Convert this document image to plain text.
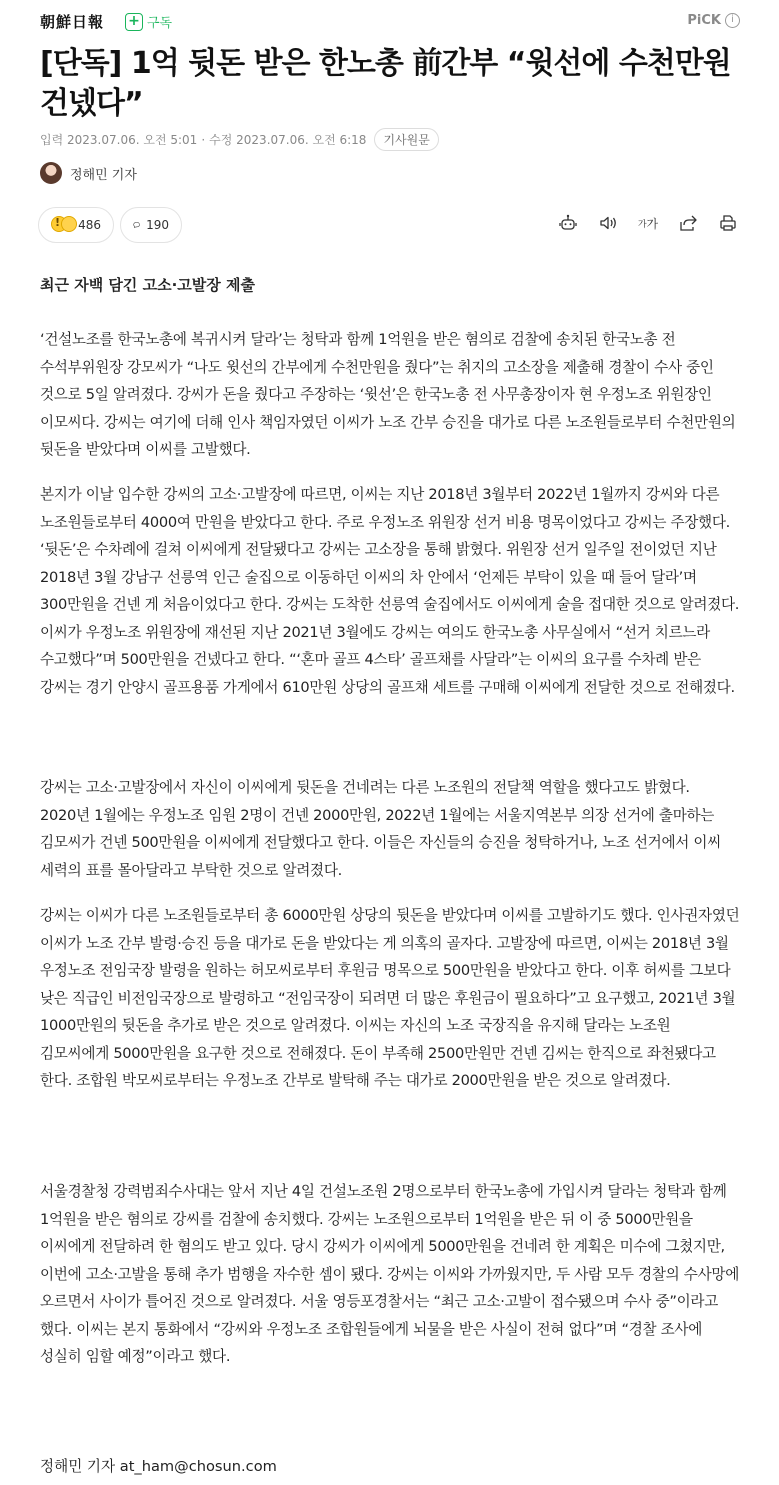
朝鮮日報 + 구독	PiCK	i
[단독] 1억 뒷돈 받은 한노총 前간부 “윗선에 수천만원 건넸다”
입력
2023.07.06. 오전 5:01 · 수정
2023.07.06. 오전 6:18	기사원문
정해민 기자
!	486	190	가 가
최근 자백 담긴 고소·고발장 제출

‘건설노조를 한국노총에 복귀시켜 달라’는 청탁과 함께 1억원을 받은 혐의로 검찰에 송치된 한국노총 전 수석부위원장 강모씨가 “나도 윗선의 간부에게 수천만원을 줬다”는 취지의 고소장을 제출해 경찰이 수사 중인 것으로 5일 알려졌다. 강씨가 돈을 줬다고 주장하는 ‘윗선’은 한국노총 전 사무총장이자 현 우정노조 위원장인 이모씨다. 강씨는 여기에 더해 인사 책임자였던 이씨가 노조 간부 승진을 대가로 다른 노조원들로부터 수천만원의 뒷돈을 받았다며 이씨를 고발했다.

본지가 이날 입수한 강씨의 고소·고발장에 따르면, 이씨는 지난 2018년 3월부터 2022년 1월까지 강씨와 다른 노조원들로부터 4000여 만원을 받았다고 한다. 주로 우정노조 위원장 선거 비용 명목이었다고 강씨는 주장했다. ‘뒷돈’은 수차례에 걸쳐 이씨에게 전달됐다고 강씨는 고소장을 통해 밝혔다. 위원장 선거 일주일 전이었던 지난 2018년 3월 강남구 선릉역 인근 술집으로 이동하던 이씨의 차 안에서 ‘언제든 부탁이 있을 때 들어 달라’며 300만원을 건넨 게 처음이었다고 한다. 강씨는 도착한 선릉역 술집에서도 이씨에게 술을 접대한 것으로 알려졌다. 이씨가 우정노조 위원장에 재선된 지난 2021년 3월에도 강씨는 여의도 한국노총 사무실에서 “선거 치르느라 수고했다”며 500만원을 건넸다고 한다. “‘혼마 골프 4스타’ 골프채를 사달라”는 이씨의 요구를 수차례 받은 강씨는 경기 안양시 골프용품 가게에서 610만원 상당의 골프채 세트를 구매해 이씨에게 전달한 것으로 전해졌다.

강씨는 고소·고발장에서 자신이 이씨에게 뒷돈을 건네려는 다른 노조원의 전달책 역할을 했다고도 밝혔다. 2020년 1월에는 우정노조 임원 2명이 건넨 2000만원, 2022년 1월에는 서울지역본부 의장 선거에 출마하는 김모씨가 건넨 500만원을 이씨에게 전달했다고 한다. 이들은 자신들의 승진을 청탁하거나, 노조 선거에서 이씨 세력의 표를 몰아달라고 부탁한 것으로 알려졌다.

강씨는 이씨가 다른 노조원들로부터 총 6000만원 상당의 뒷돈을 받았다며 이씨를 고발하기도 했다. 인사권자였던 이씨가 노조 간부 발령·승진 등을 대가로 돈을 받았다는 게 의혹의 골자다. 고발장에 따르면, 이씨는 2018년 3월 우정노조 전임국장 발령을 원하는 허모씨로부터 후원금 명목으로 500만원을 받았다고 한다. 이후 허씨를 그보다 낮은 직급인 비전임국장으로 발령하고 “전임국장이 되려면 더 많은 후원금이 필요하다”고 요구했고, 2021년 3월 1000만원의 뒷돈을 추가로 받은 것으로 알려졌다. 이씨는 자신의 노조 국장직을 유지해 달라는 노조원 김모씨에게 5000만원을 요구한 것으로 전해졌다. 돈이 부족해 2500만원만 건넨 김씨는 한직으로 좌천됐다고 한다. 조합원 박모씨로부터는 우정노조 간부로 발탁해 주는 대가로 2000만원을 받은 것으로 알려졌다.

서울경찰청 강력범죄수사대는 앞서 지난 4일 건설노조원 2명으로부터 한국노총에 가입시켜 달라는 청탁과 함께 1억원을 받은 혐의로 강씨를 검찰에 송치했다. 강씨는 노조원으로부터 1억원을 받은 뒤 이 중 5000만원을 이씨에게 전달하려 한 혐의도 받고 있다. 당시 강씨가 이씨에게 5000만원을 건네려 한 계획은 미수에 그쳤지만, 이번에 고소·고발을 통해 추가 범행을 자수한 셈이 됐다. 강씨는 이씨와 가까웠지만, 두 사람 모두 경찰의 수사망에 오르면서 사이가 틀어진 것으로 알려졌다. 서울 영등포경찰서는 “최근 고소·고발이 접수됐으며 수사 중”이라고 했다. 이씨는 본지 통화에서 “강씨와 우정노조 조합원들에게 뇌물을 받은 사실이 전혀 없다”며 “경찰 조사에 성실히 임할 예정”이라고 했다.

정해민 기자 at_ham@chosun.com
